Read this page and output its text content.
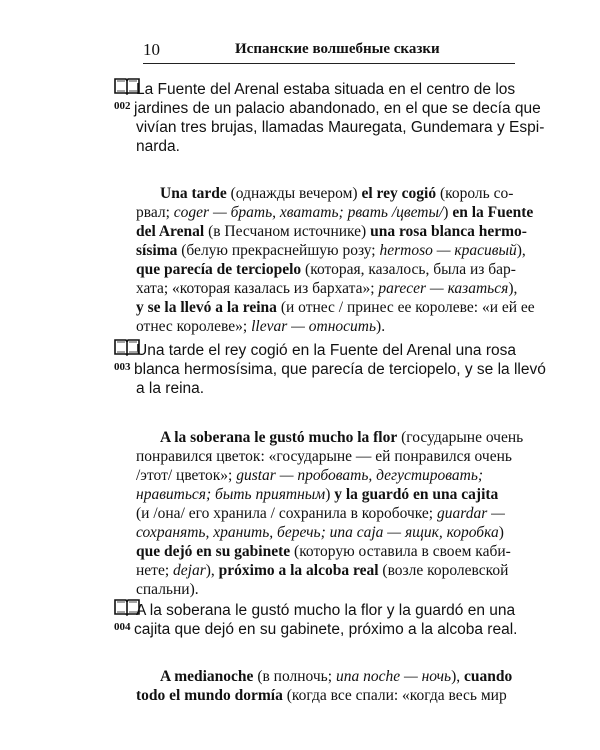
10	Испанские волшебные сказки
002

La Fuente del Arenal estaba situada en el centro de los

jardines de un palacio abandonado, en el que se decía que

vivían tres brujas, llamadas Mauregata, Gundemara y Espi-

narda.

Una tarde (однажды вечером) el rey cogió (король со-

рвал; coger — брать, хватать; рвать /цветы/) en la Fuente

del Arenal (в Песчаном источнике) una rosa blanca hermo-

sísima (белую прекраснейшую розу; hermoso — красивый),

que parecía de terciopelo (которая, казалось, была из бар-

хата; «которая казалась из бархата»; parecer — казаться),

y se la llevó a la reina (и отнес / принес ее королеве: «и ей ее

отнес королеве»; llevar — относить).

003

Una tarde el rey cogió en la Fuente del Arenal una rosa

blanca hermosísima, que parecía de terciopelo, y se la llevó

a la reina.

A la soberana le gustó mucho la flor (государыне очень

понравился цветок: «государыне — ей понравился очень

/этот/ цветок»; gustar — пробовать, дегустировать;

нравиться; быть приятным) y la guardó en una cajita

(и /она/ его хранила / сохранила в коробочке; guardar —

сохранять, хранить, беречь; una caja — ящик, коробка)

que dejó en su gabinete (которую оставила в своем каби-

нете; dejar), próximo a la alcoba real (возле королевской

спальни).

004

A la soberana le gustó mucho la flor y la guardó en una

cajita que dejó en su gabinete, próximo a la alcoba real.

A medianoche (в полночь; una noche — ночь), cuando

todo el mundo dormía (когда все спали: «когда весь мир
